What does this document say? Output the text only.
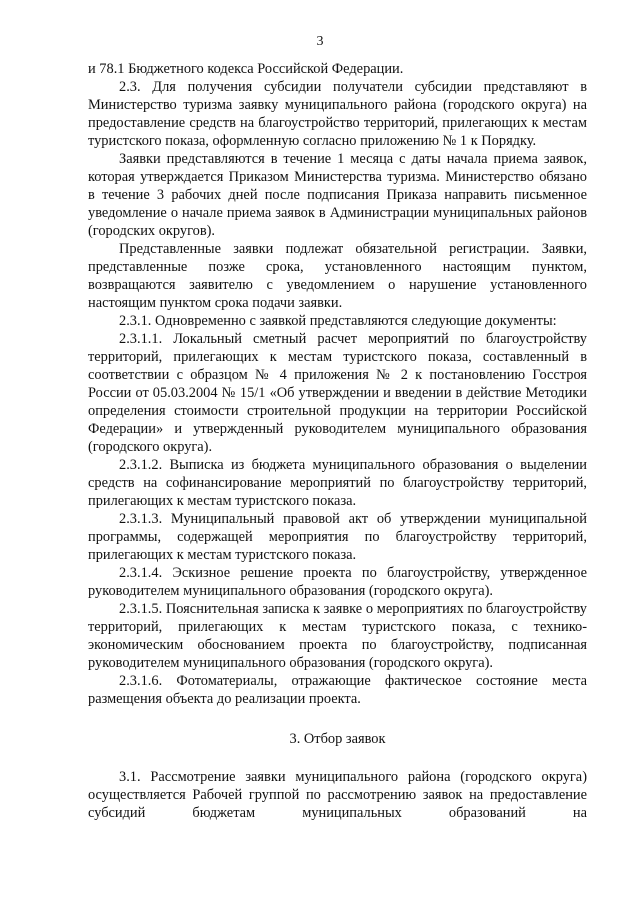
3

и 78.1 Бюджетного кодекса Российской Федерации.

2.3. Для получения субсидии получатели субсидии представляют в Министерство туризма заявку муниципального района (городского округа) на предоставление средств на благоустройство территорий, прилегающих к местам туристского показа, оформленную согласно приложению № 1 к Порядку.

Заявки представляются в течение 1 месяца с даты начала приема заявок, которая утверждается Приказом Министерства туризма. Министерство обязано в течение 3 рабочих дней после подписания Приказа направить письменное уведомление о начале приема заявок в Администрации муниципальных районов (городских округов).

Представленные заявки подлежат обязательной регистрации. Заявки, представленные позже срока, установленного настоящим пунктом, возвращаются заявителю с уведомлением о нарушение установленного настоящим пунктом срока подачи заявки.

2.3.1. Одновременно с заявкой представляются следующие документы:

2.3.1.1. Локальный сметный расчет мероприятий по благоустройству территорий, прилегающих к местам туристского показа, составленный в соответствии с образцом № 4 приложения № 2 к постановлению Госстроя России от 05.03.2004 № 15/1 «Об утверждении и введении в действие Методики определения стоимости строительной продукции на территории Российской Федерации» и утвержденный руководителем муниципального образования (городского округа).

2.3.1.2. Выписка из бюджета муниципального образования о выделении средств на софинансирование мероприятий по благоустройству территорий, прилегающих к местам туристского показа.

2.3.1.3. Муниципальный правовой акт об утверждении муниципальной программы, содержащей мероприятия по благоустройству территорий, прилегающих к местам туристского показа.

2.3.1.4. Эскизное решение проекта по благоустройству, утвержденное руководителем муниципального образования (городского округа).

2.3.1.5. Пояснительная записка к заявке о мероприятиях по благоустройству территорий, прилегающих к местам туристского показа, с технико-экономическим обоснованием проекта по благоустройству, подписанная руководителем муниципального образования (городского округа).

2.3.1.6. Фотоматериалы, отражающие фактическое состояние места размещения объекта до реализации проекта.

3. Отбор заявок

3.1. Рассмотрение заявки муниципального района (городского округа) осуществляется Рабочей группой по рассмотрению заявок на предоставление субсидий бюджетам муниципальных образований на
